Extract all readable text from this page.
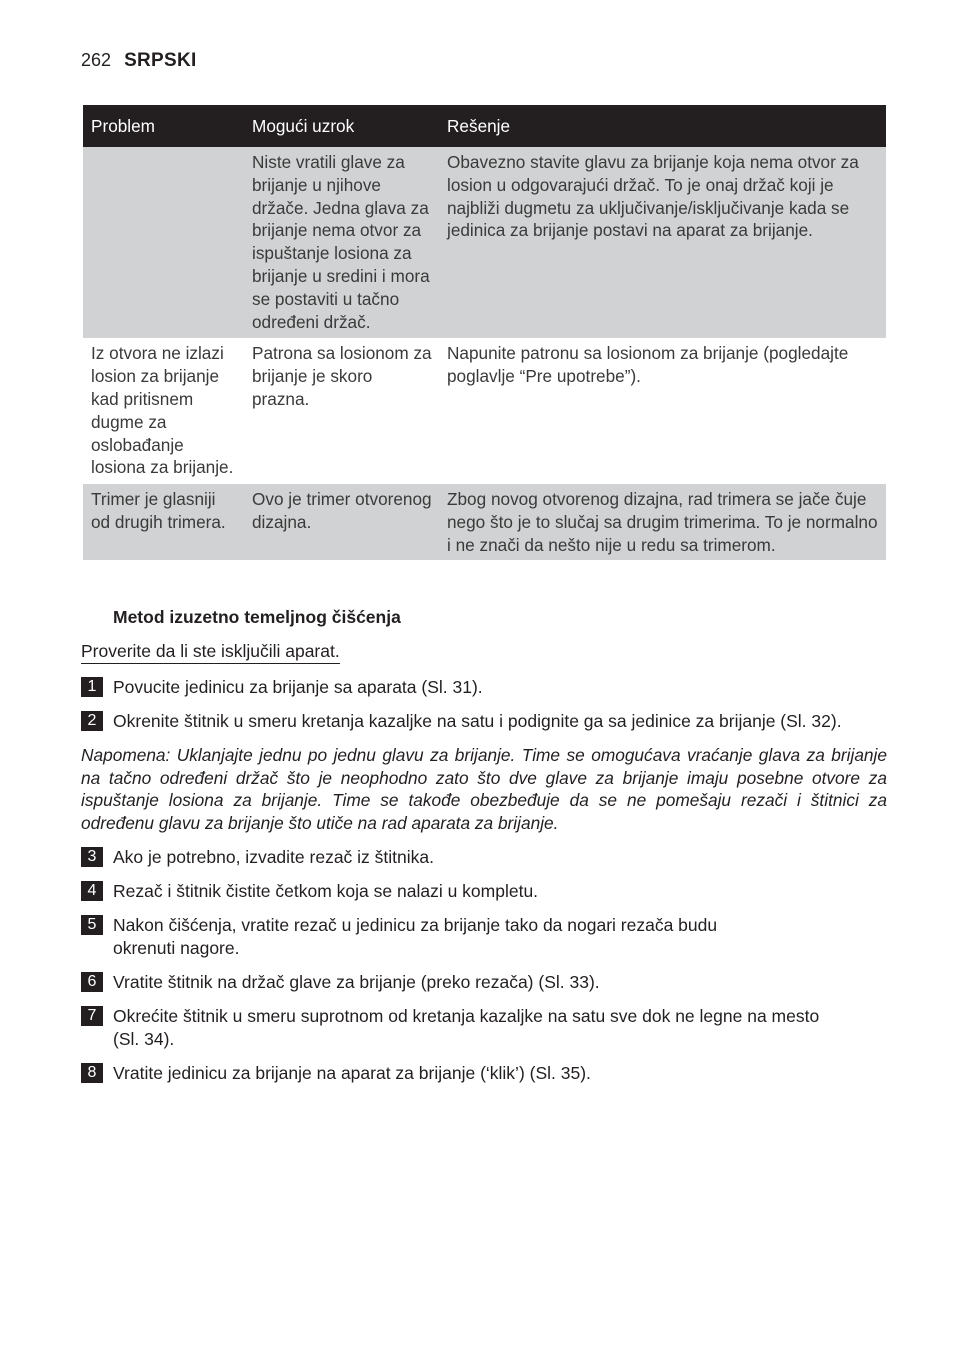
262 SRPSKI
Problem	Mogući uzrok	Rešenje
	Niste vratili glave za brijanje u njihove držače. Jedna glava za brijanje nema otvor za ispuštanje losiona za brijanje u sredini i mora se postaviti u tačno određeni držač.	Obavezno stavite glavu za brijanje koja nema otvor za losion u odgovarajući držač. To je onaj držač koji je najbliži dugmetu za uključivanje/isključivanje kada se jedinica za brijanje postavi na aparat za brijanje.
Iz otvora ne izlazi losion za brijanje kad pritisnem dugme za oslobađanje losiona za brijanje.	Patrona sa losionom za brijanje je skoro prazna.	Napunite patronu sa losionom za brijanje (pogledajte poglavlje “Pre upotrebe”).
Trimer je glasniji od drugih trimera.	Ovo je trimer otvorenog dizajna.	Zbog novog otvorenog dizajna, rad trimera se jače čuje nego što je to slučaj sa drugim trimerima. To je normalno i ne znači da nešto nije u redu sa trimerom.
Metod izuzetno temeljnog čišćenja
Proverite da li ste isključili aparat.
1 Povucite jedinicu za brijanje sa aparata (Sl. 31).
2 Okrenite štitnik u smeru kretanja kazaljke na satu i podignite ga sa jedinice za brijanje (Sl. 32).
Napomena: Uklanjajte jednu po jednu glavu za brijanje. Time se omogućava vraćanje glava za brijanje na tačno određeni držač što je neophodno zato što dve glave za brijanje imaju posebne otvore za ispuštanje losiona za brijanje. Time se takođe obezbeđuje da se ne pomešaju rezači i štitnici za određenu glavu za brijanje što utiče na rad aparata za brijanje.
3 Ako je potrebno, izvadite rezač iz štitnika.
4 Rezač i štitnik čistite četkom koja se nalazi u kompletu.
5 Nakon čišćenja, vratite rezač u jedinicu za brijanje tako da nogari rezača budu okrenuti nagore.
6 Vratite štitnik na držač glave za brijanje (preko rezača) (Sl. 33).
7 Okrećite štitnik u smeru suprotnom od kretanja kazaljke na satu sve dok ne legne na mesto (Sl. 34).
8 Vratite jedinicu za brijanje na aparat za brijanje (‘klik’) (Sl. 35).
